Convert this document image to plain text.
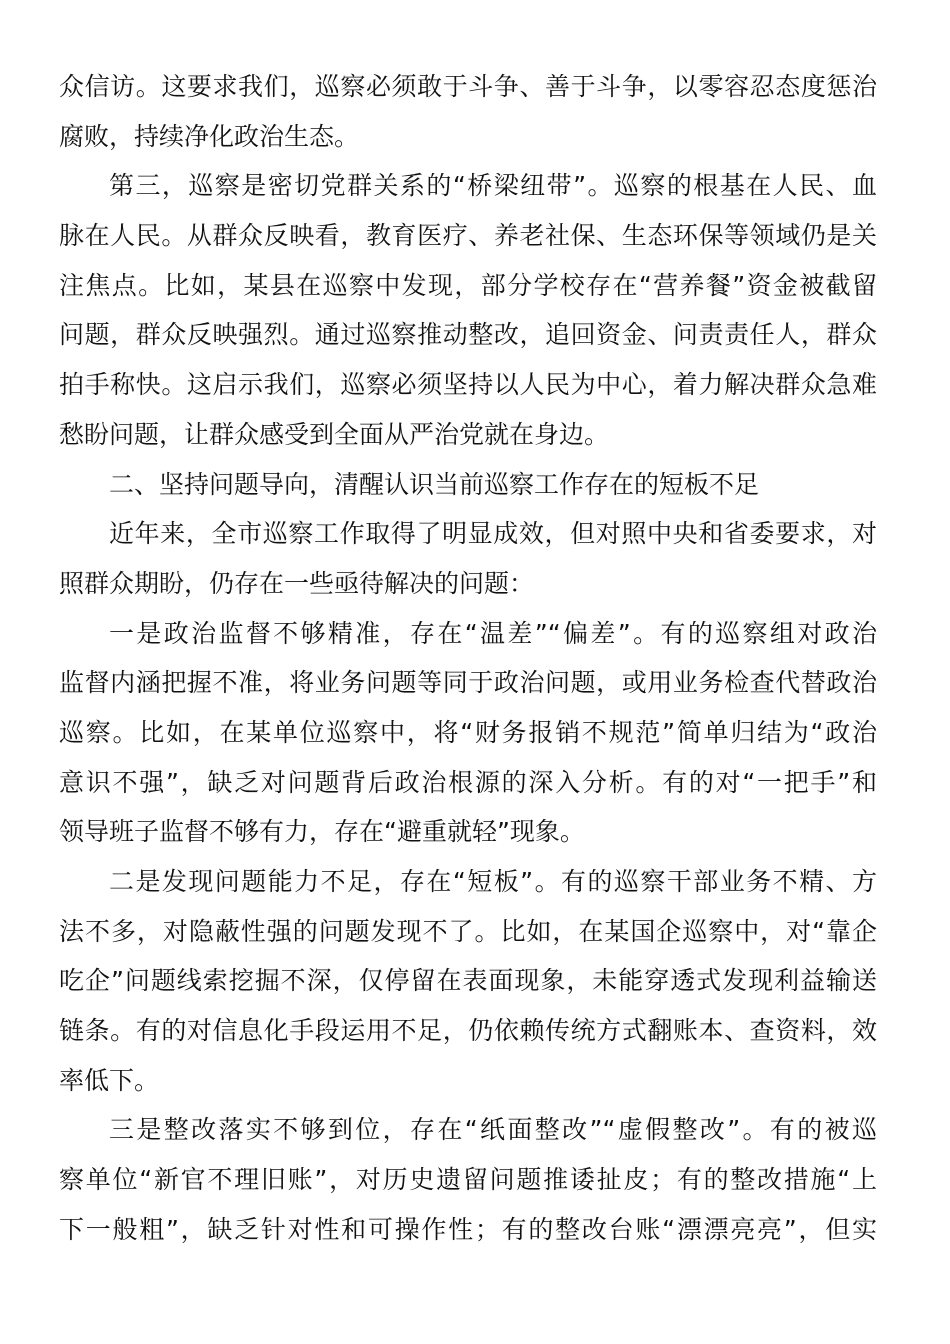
众信访。这要求我们，巡察必须敢于斗争、善于斗争，以零容忍态度惩治
腐败，持续净化政治生态。
第三，巡察是密切党群关系的“桥梁纽带”。巡察的根基在人民、血
脉在人民。从群众反映看，教育医疗、养老社保、生态环保等领域仍是关
注焦点。比如，某县在巡察中发现，部分学校存在“营养餐”资金被截留
问题，群众反映强烈。通过巡察推动整改，追回资金、问责责任人，群众
拍手称快。这启示我们，巡察必须坚持以人民为中心，着力解决群众急难
愁盼问题，让群众感受到全面从严治党就在身边。
二、坚持问题导向，清醒认识当前巡察工作存在的短板不足
近年来，全市巡察工作取得了明显成效，但对照中央和省委要求，对
照群众期盼，仍存在一些亟待解决的问题：
一是政治监督不够精准，存在“温差”“偏差”。有的巡察组对政治
监督内涵把握不准，将业务问题等同于政治问题，或用业务检查代替政治
巡察。比如，在某单位巡察中，将“财务报销不规范”简单归结为“政治
意识不强”，缺乏对问题背后政治根源的深入分析。有的对“一把手”和
领导班子监督不够有力，存在“避重就轻”现象。
二是发现问题能力不足，存在“短板”。有的巡察干部业务不精、方
法不多，对隐蔽性强的问题发现不了。比如，在某国企巡察中，对“靠企
吃企”问题线索挖掘不深，仅停留在表面现象，未能穿透式发现利益输送
链条。有的对信息化手段运用不足，仍依赖传统方式翻账本、查资料，效
率低下。
三是整改落实不够到位，存在“纸面整改”“虚假整改”。有的被巡
察单位“新官不理旧账”，对历史遗留问题推诿扯皮；有的整改措施“上
下一般粗”，缺乏针对性和可操作性；有的整改台账“漂漂亮亮”，但实
